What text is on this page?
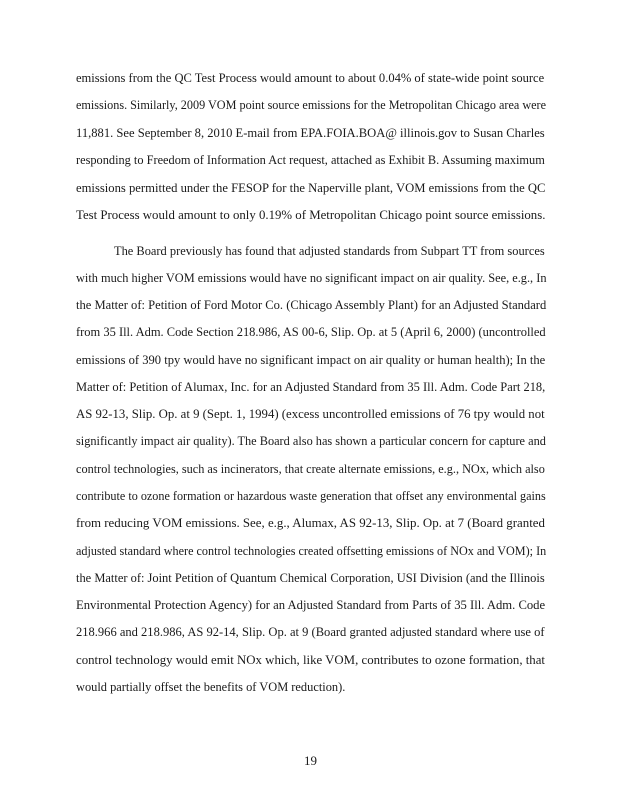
emissions from the QC Test Process would amount to about 0.04% of state-wide point source
emissions. Similarly, 2009 VOM point source emissions for the Metropolitan Chicago area were
11,881. See September 8, 2010 E-mail from EPA.FOIA.BOA@ illinois.gov to Susan Charles
responding to Freedom of Information Act request, attached as Exhibit B. Assuming maximum
emissions permitted under the FESOP for the Naperville plant, VOM emissions from the QC
Test Process would amount to only 0.19% of Metropolitan Chicago point source emissions.
The Board previously has found that adjusted standards from Subpart TT from sources
with much higher VOM emissions would have no significant impact on air quality. See, e.g., In
the Matter of: Petition of Ford Motor Co. (Chicago Assembly Plant) for an Adjusted Standard
from 35 Ill. Adm. Code Section 218.986, AS 00-6, Slip. Op. at 5 (April 6, 2000) (uncontrolled
emissions of 390 tpy would have no significant impact on air quality or human health); In the
Matter of: Petition of Alumax, Inc. for an Adjusted Standard from 35 Ill. Adm. Code Part 218,
AS 92-13, Slip. Op. at 9 (Sept. 1, 1994) (excess uncontrolled emissions of 76 tpy would not
significantly impact air quality). The Board also has shown a particular concern for capture and
control technologies, such as incinerators, that create alternate emissions, e.g., NOx, which also
contribute to ozone formation or hazardous waste generation that offset any environmental gains
from reducing VOM emissions. See, e.g., Alumax, AS 92-13, Slip. Op. at 7 (Board granted
adjusted standard where control technologies created offsetting emissions of NOx and VOM); In
the Matter of: Joint Petition of Quantum Chemical Corporation, USI Division (and the Illinois
Environmental Protection Agency) for an Adjusted Standard from Parts of 35 Ill. Adm. Code
218.966 and 218.986, AS 92-14, Slip. Op. at 9 (Board granted adjusted standard where use of
control technology would emit NOx which, like VOM, contributes to ozone formation, that
would partially offset the benefits of VOM reduction).
19
